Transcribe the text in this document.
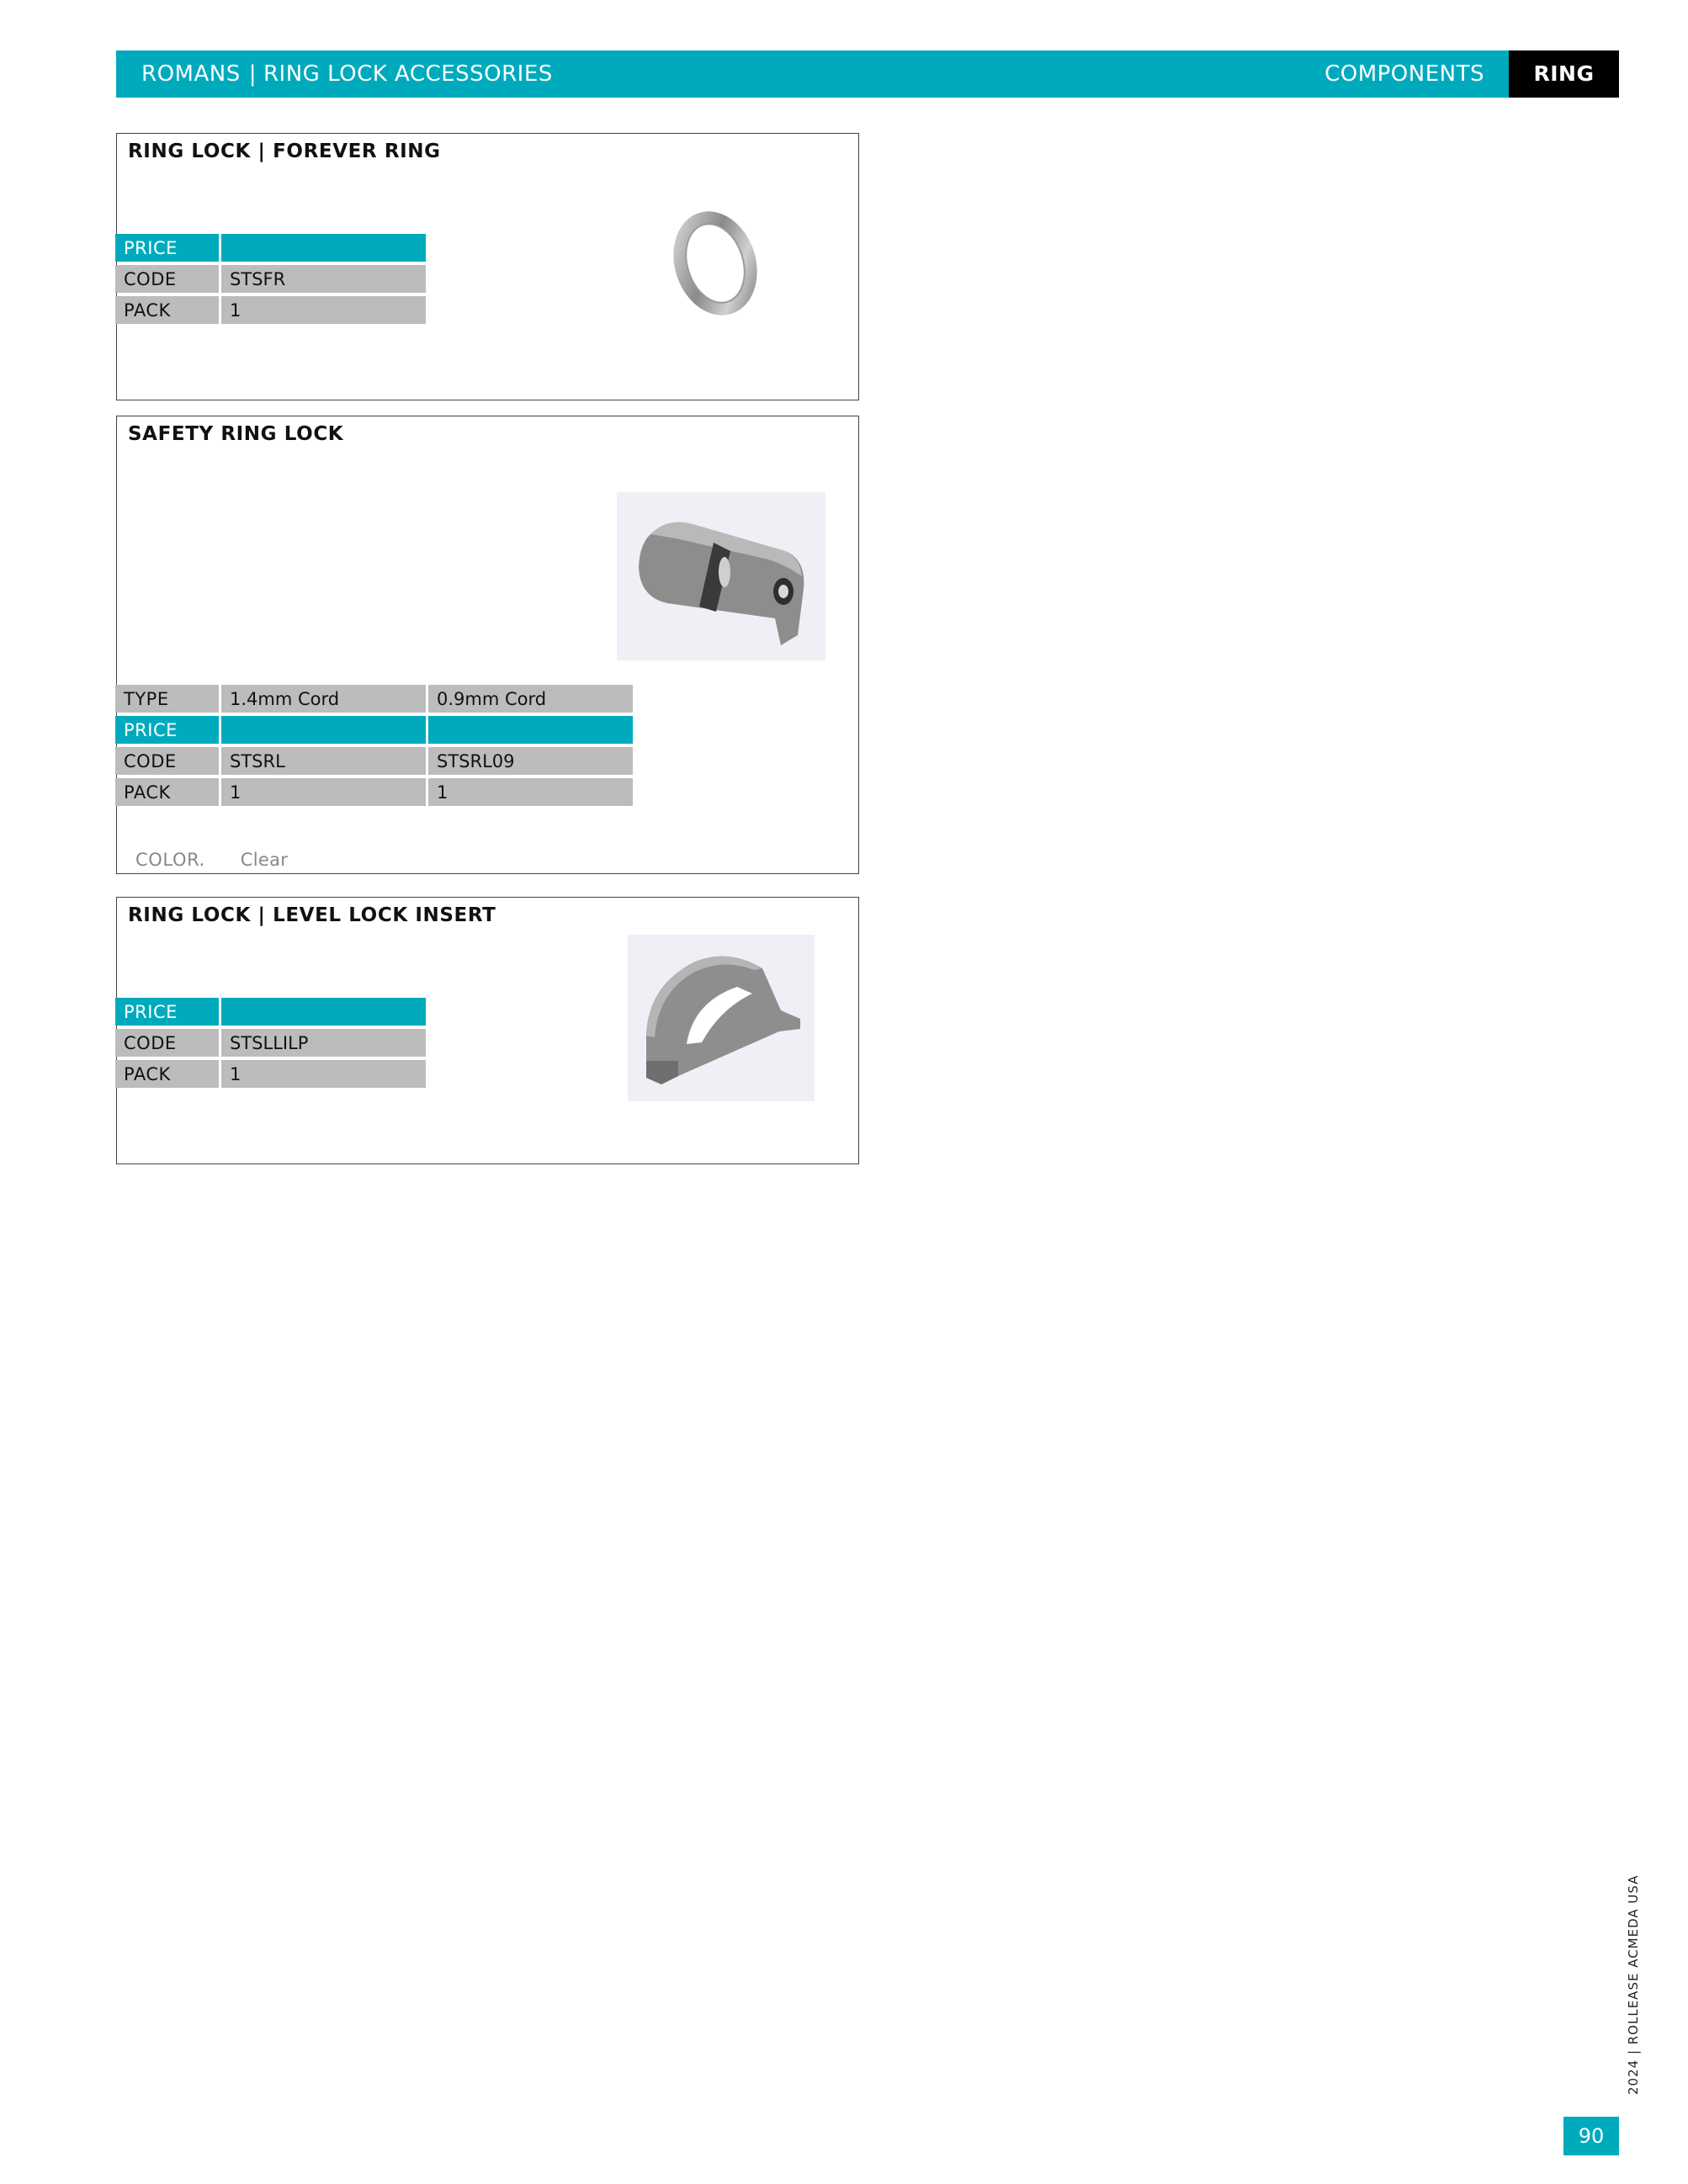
ROMANS | RING LOCK ACCESSORIES	COMPONENTS	RING
RING LOCK | FOREVER RING
PRICE	
CODE	STSFR
PACK	1
SAFETY RING LOCK
TYPE	1.4mm Cord	0.9mm Cord
PRICE		
CODE	STSRL	STSRL09
PACK	1	1
COLOR. Clear
RING LOCK | LEVEL LOCK INSERT
PRICE	
CODE	STSLLILP
PACK	1
2024 | ROLLEASE ACMEDA USA
90
